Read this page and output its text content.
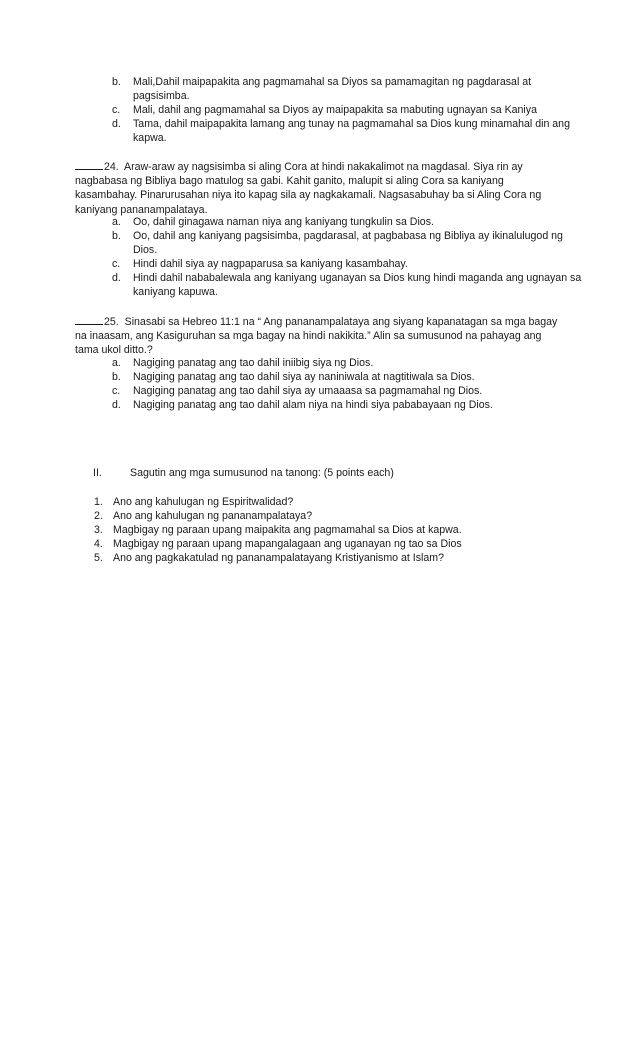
b. Mali,Dahil maipapakita ang pagmamahal sa Diyos sa pamamagitan ng pagdarasal at pagsisimba.
c. Mali, dahil ang pagmamahal sa Diyos ay maipapakita sa mabuting ugnayan sa Kaniya
d. Tama, dahil maipapakita lamang ang tunay na pagmamahal sa Dios kung minamahal din ang kapwa.
24. Araw-araw ay nagsisimba si aling Cora at hindi nakakalimot na magdasal. Siya rin ay nagbabasa ng Bibliya bago matulog sa gabi. Kahit ganito, malupit si aling Cora sa kaniyang kasambahay. Pinarurusahan niya ito kapag sila ay nagkakamali. Nagsasabuhay ba si Aling Cora ng kaniyang pananampalataya.
a. Oo, dahil ginagawa naman niya ang kaniyang tungkulin sa Dios.
b. Oo, dahil ang kaniyang pagsisimba, pagdarasal, at pagbabasa ng Bibliya ay ikinalulugod ng Dios.
c. Hindi dahil siya ay nagpaparusa sa kaniyang kasambahay.
d. Hindi dahil nababalewala ang kaniyang uganayan sa Dios kung hindi maganda ang ugnayan sa kaniyang kapuwa.
25. Sinasabi sa Hebreo 11:1 na “ Ang pananampalataya ang siyang kapanatagan sa mga bagay na inaasam, ang Kasiguruhan sa mga bagay na hindi nakikita.” Alin sa sumusunod na pahayag ang tama ukol ditto.?
a. Nagiging panatag ang tao dahil iniibig siya ng Dios.
b. Nagiging panatag ang tao dahil siya ay naniniwala at nagtitiwala sa Dios.
c. Nagiging panatag ang tao dahil siya ay umaaasa sa pagmamahal ng Dios.
d. Nagiging panatag ang tao dahil alam niya na hindi siya pababayaan ng Dios.
II.	Sagutin ang mga sumusunod na tanong: (5 points each)
1. Ano ang kahulugan ng Espiritwalidad?
2. Ano ang kahulugan ng pananampalataya?
3. Magbigay ng paraan upang maipakita ang pagmamahal sa Dios at kapwa.
4. Magbigay ng paraan upang mapangalagaan ang uganayan ng tao sa Dios
5. Ano ang pagkakatulad ng pananampalatayang Kristiyanismo at Islam?
